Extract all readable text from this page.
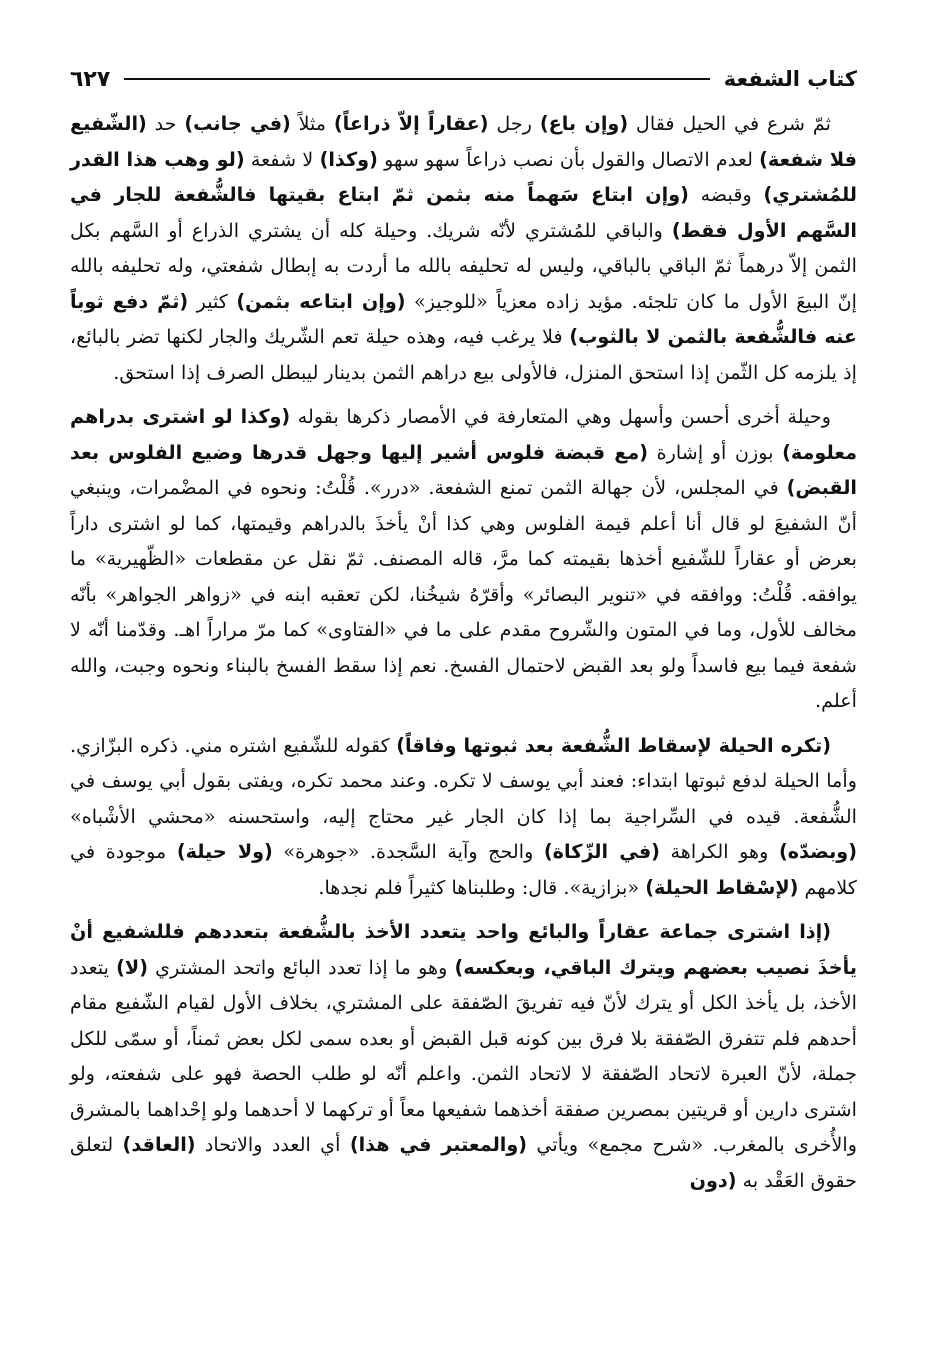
٦٢٧	كتاب الشفعة

ثمّ شرع في الحيل فقال (وإن باع) رجل (عقاراً إلاّ ذراعاً) مثلاً (في جانب) حد (الشّفيع فلا شفعة) لعدم الاتصال والقول بأن نصب ذراعاً سهو سهو (وكذا) لا شفعة (لو وهب هذا القدر للمُشتري) وقبضه (وإن ابتاع سَهماً منه بثمن ثمّ ابتاع بقيتها فالشُّفعة للجار في السَّهم الأول فقط) والباقي للمُشتري لأنّه شريك. وحيلة كله أن يشتري الذراع أو السَّهم بكل الثمن إلاّ درهماً ثمّ الباقي بالباقي، وليس له تحليفه بالله ما أردت به إبطال شفعتي، وله تحليفه بالله إنّ البيعَ الأول ما كان تلجئه. مؤيد زاده معزياً «للوجيز» (وإن ابتاعه بثمن) كثير (ثمّ دفع ثوباً عنه فالشُّفعة بالثمن لا بالثوب) فلا يرغب فيه، وهذه حيلة تعم الشّريك والجار لكنها تضر بالبائع، إذ يلزمه كل الثّمن إذا استحق المنزل، فالأولى بيع دراهم الثمن بدينار ليبطل الصرف إذا استحق.

وحيلة أخرى أحسن وأسهل وهي المتعارفة في الأمصار ذكرها بقوله (وكذا لو اشترى بدراهم معلومة) بوزن أو إشارة (مع قبضة فلوس أشير إليها وجهل قدرها وضيع الفلوس بعد القبض) في المجلس، لأن جهالة الثمن تمنع الشفعة. «درر». قُلْتُ: ونحوه في المضْمرات، وينبغي أنّ الشفيعَ لو قال أنا أعلم قيمة الفلوس وهي كذا أنْ يأخذَ بالدراهم وقيمتها، كما لو اشترى داراً بعرض أو عقاراً للشّفيع أخذها بقيمته كما مرَّ، قاله المصنف. ثمّ نقل عن مقطعات «الظّهيرية» ما يوافقه. قُلْتُ: ووافقه في «تنوير البصائر» وأقرّهُ شيخُنا، لكن تعقبه ابنه في «زواهر الجواهر» بأنّه مخالف للأول، وما في المتون والشّروح مقدم على ما في «الفتاوى» كما مرّ مراراً اهـ. وقدّمنا أنّه لا شفعة فيما بيع فاسداً ولو بعد القبض لاحتمال الفسخ. نعم إذا سقط الفسخ بالبناء ونحوه وجبت، والله أعلم.

(تكره الحيلة لإسقاط الشُّفعة بعد ثبوتها وفاقاً) كقوله للشّفيع اشتره مني. ذكره البزّازي. وأما الحيلة لدفع ثبوتها ابتداء: فعند أبي يوسف لا تكره. وعند محمد تكره، ويفتى بقول أبي يوسف في الشُّفعة. قيده في السِّراجية بما إذا كان الجار غير محتاج إليه، واستحسنه «محشي الأشْباه» (وبضدّه) وهو الكراهة (في الزّكاة) والحج وآية السَّجدة. «جوهرة» (ولا حيلة) موجودة في كلامهم (لإسْقاط الحيلة) «بزازية». قال: وطلبناها كثيراً فلم نجدها.

(إذا اشترى جماعة عقاراً والبائع واحد يتعدد الأخذ بالشُّفعة بتعددهم فللشفيع أنْ يأخذَ نصيب بعضهم ويترك الباقي، وبعكسه) وهو ما إذا تعدد البائع واتحد المشتري (لا) يتعدد الأخذ، بل يأخذ الكل أو يترك لأنّ فيه تفريقَ الصّفقة على المشتري، بخلاف الأول لقيام الشّفيع مقام أحدهم فلم تتفرق الصّفقة بلا فرق بين كونه قبل القبض أو بعده سمى لكل بعض ثمناً، أو سمّى للكل جملة، لأنّ العبرة لاتحاد الصّفقة لا لاتحاد الثمن. واعلم أنّه لو طلب الحصة فهو على شفعته، ولو اشترى دارين أو قريتين بمصرين صفقة أخذهما شفيعها معاً أو تركهما لا أحدهما ولو إحْداهما بالمشرق والأُخرى بالمغرب. «شرح مجمع» ويأتي (والمعتبر في هذا) أي العدد والاتحاد (العاقد) لتعلق حقوق العَقْد به (دون
